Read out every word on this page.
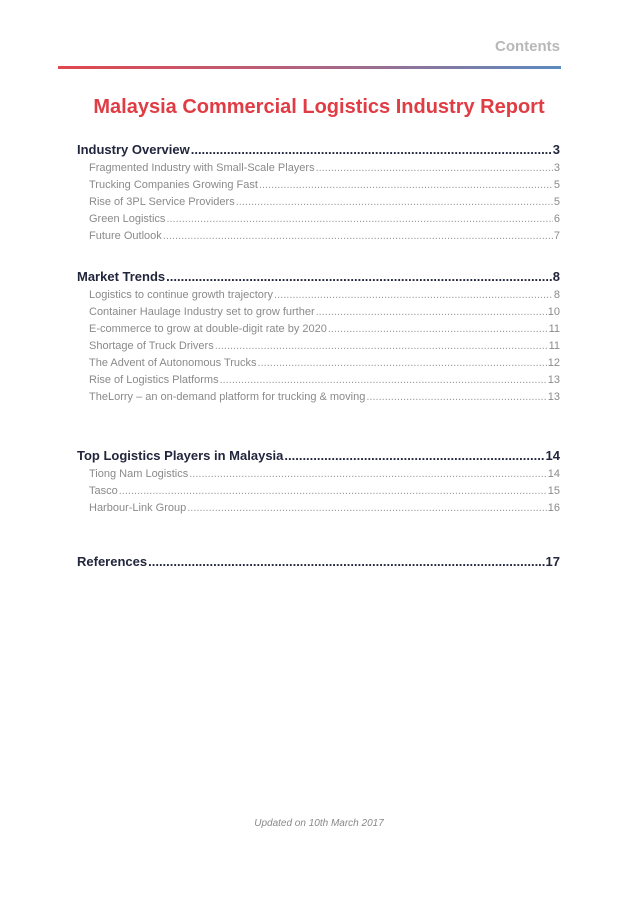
Contents
Malaysia Commercial Logistics Industry Report
Industry Overview .....	3
Fragmented Industry with Small-Scale Players .....	3
Trucking Companies Growing Fast .....	5
Rise of 3PL Service Providers .....	5
Green Logistics .....	6
Future Outlook .....	7
Market Trends .....	8
Logistics to continue growth trajectory .....	8
Container Haulage Industry set to grow further .....	10
E-commerce to grow at double-digit rate by 2020 .....	11
Shortage of Truck Drivers .....	11
The Advent of Autonomous Trucks .....	12
Rise of Logistics Platforms .....	13
TheLorry – an on-demand platform for trucking & moving .....	13
Top Logistics Players in Malaysia .....	14
Tiong Nam Logistics .....	14
Tasco .....	15
Harbour-Link Group .....	16
References .....	17
Updated on 10th March 2017
